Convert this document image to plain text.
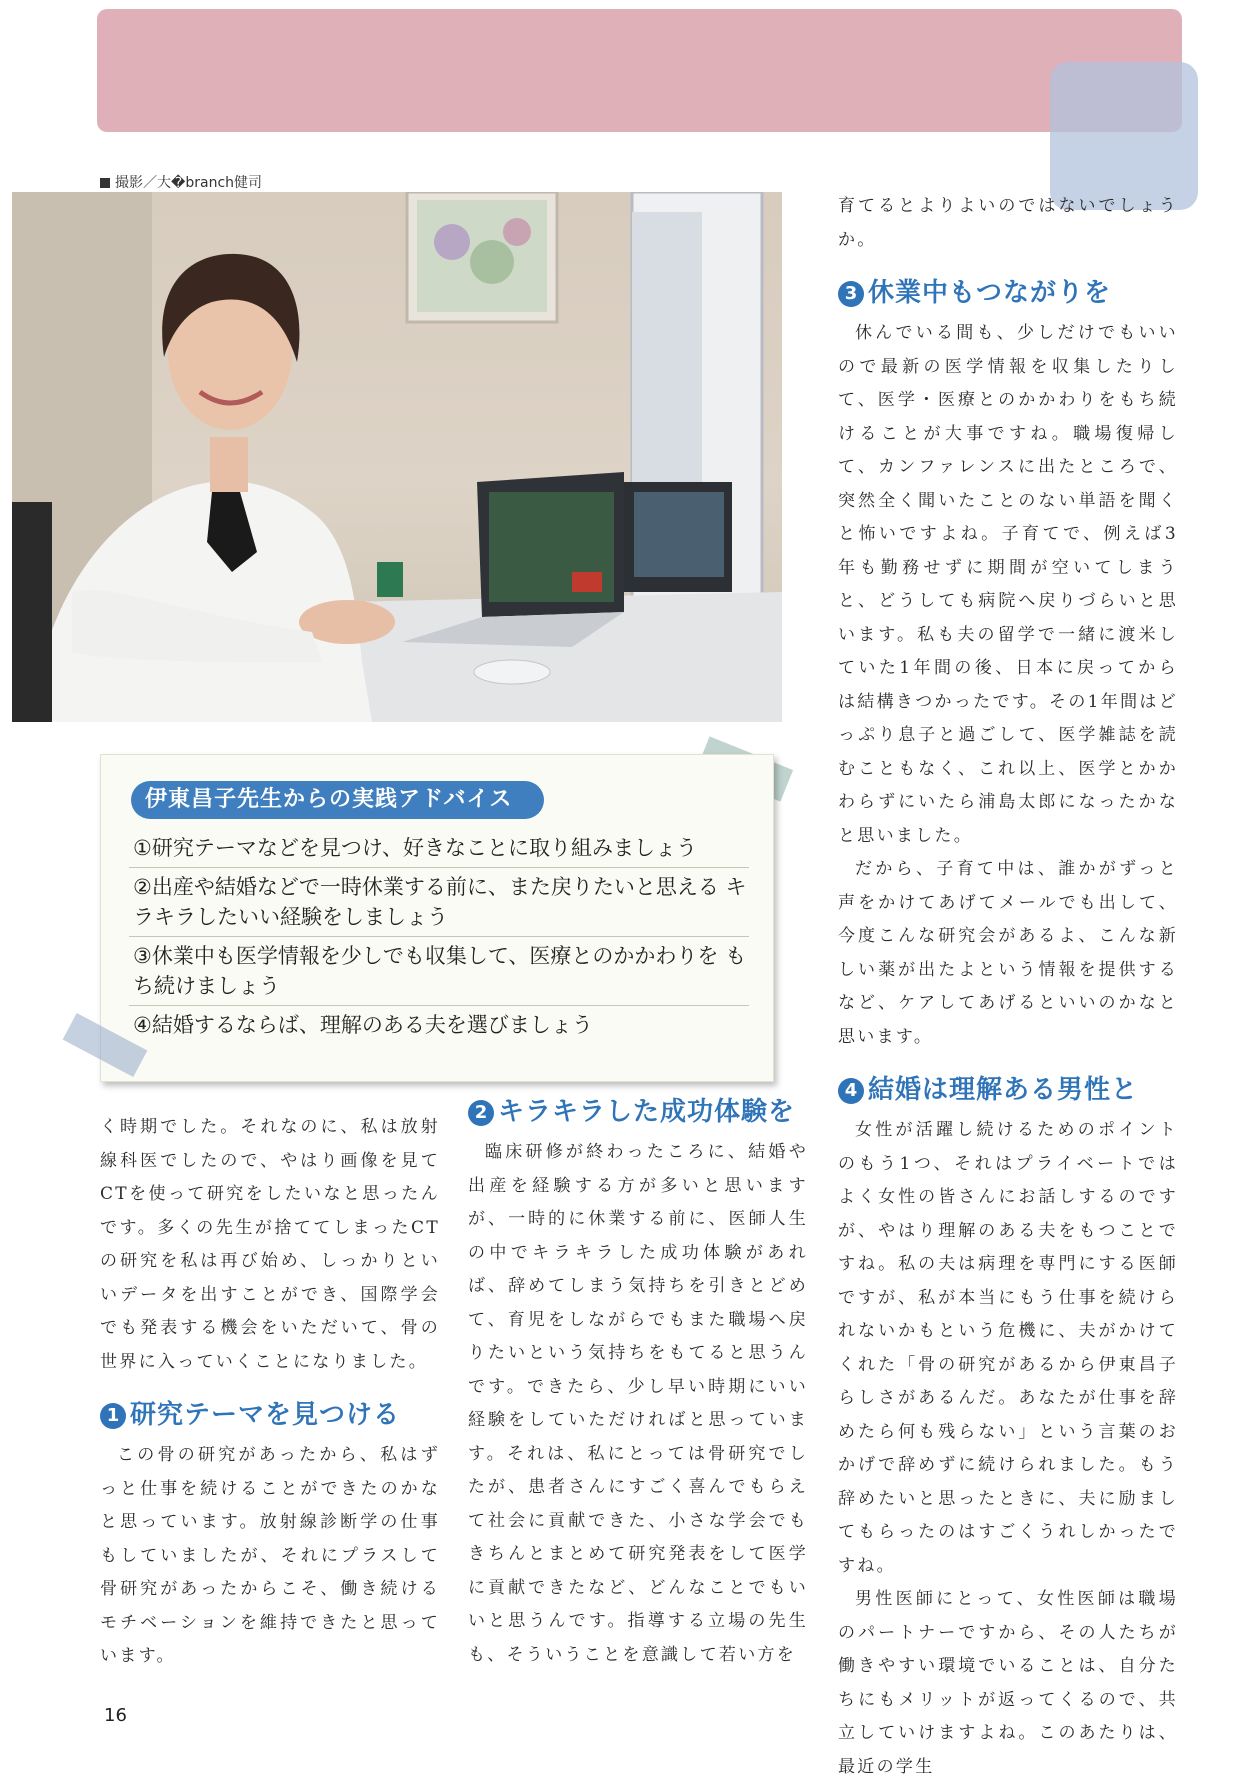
撮影／大�branch健司
伊東昌子先生からの実践アドバイス
①研究テーマなどを見つけ、好きなことに取り組みましょう
②出産や結婚などで一時休業する前に、また戻りたいと思える キラキラしたいい経験をしましょう
③休業中も医学情報を少しでも収集して、医療とのかかわりを もち続けましょう
④結婚するならば、理解のある夫を選びましょう

く時期でした。それなのに、私は放射線科医でしたので、やはり画像を見てCTを使って研究をしたいなと思ったんです。多くの先生が捨ててしまったCTの研究を私は再び始め、しっかりといいデータを出すことができ、国際学会でも発表する機会をいただいて、骨の世界に入っていくことになりました。

1 研究テーマを見つける

この骨の研究があったから、私はずっと仕事を続けることができたのかなと思っています。放射線診断学の仕事もしていましたが、それにプラスして骨研究があったからこそ、働き続けるモチベーションを維持できたと思っています。

2 キラキラした成功体験を

臨床研修が終わったころに、結婚や出産を経験する方が多いと思いますが、一時的に休業する前に、医師人生の中でキラキラした成功体験があれば、辞めてしまう気持ちを引きとどめて、育児をしながらでもまた職場へ戻りたいという気持ちをもてると思うんです。できたら、少し早い時期にいい経験をしていただければと思っています。それは、私にとっては骨研究でしたが、患者さんにすごく喜んでもらえて社会に貢献できた、小さな学会でもきちんとまとめて研究発表をして医学に貢献できたなど、どんなことでもいいと思うんです。指導する立場の先生も、そういうことを意識して若い方を

育てるとよりよいのではないでしょうか。

3 休業中もつながりを

休んでいる間も、少しだけでもいいので最新の医学情報を収集したりして、医学・医療とのかかわりをもち続けることが大事ですね。職場復帰して、カンファレンスに出たところで、突然全く聞いたことのない単語を聞くと怖いですよね。子育てで、例えば3年も勤務せずに期間が空いてしまうと、どうしても病院へ戻りづらいと思います。私も夫の留学で一緒に渡米していた1年間の後、日本に戻ってからは結構きつかったです。その1年間はどっぷり息子と過ごして、医学雑誌を読むこともなく、これ以上、医学とかかわらずにいたら浦島太郎になったかなと思いました。

だから、子育て中は、誰かがずっと声をかけてあげてメールでも出して、今度こんな研究会があるよ、こんな新しい薬が出たよという情報を提供するなど、ケアしてあげるといいのかなと思います。

4 結婚は理解ある男性と

女性が活躍し続けるためのポイントのもう1つ、それはプライベートではよく女性の皆さんにお話しするのですが、やはり理解のある夫をもつことですね。私の夫は病理を専門にする医師ですが、私が本当にもう仕事を続けられないかもという危機に、夫がかけてくれた「骨の研究があるから伊東昌子らしさがあるんだ。あなたが仕事を辞めたら何も残らない」という言葉のおかげで辞めずに続けられました。もう辞めたいと思ったときに、夫に励ましてもらったのはすごくうれしかったですね。

男性医師にとって、女性医師は職場のパートナーですから、その人たちが働きやすい環境でいることは、自分たちにもメリットが返ってくるので、共立していけますよね。このあたりは、最近の学生

16
